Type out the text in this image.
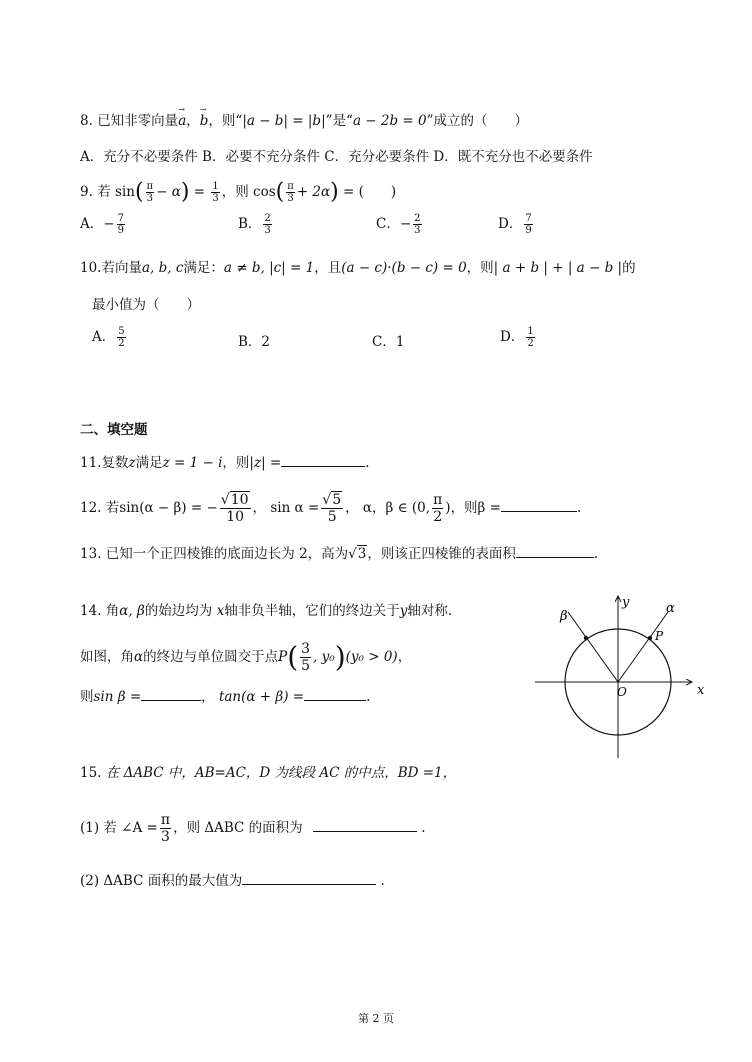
8. 已知非零向量→ a，→ b，则“|a − b| = |b|”是“a − 2b = 0”成立的（　　）
A．充分不必要条件 B．必要不充分条件 C．充分必要条件 D．既不充分也不必要条件
9. 若 $\sin( \frac{\pi}{3} - \alpha) = \frac{1}{3}$ ，则 $\cos( \frac{\pi}{3} + 2\alpha)$ = (　　)
A．− $\frac{7}{9}$	B． $\frac{2}{3}$	C．− $\frac{2}{3}$	D． $\frac{7}{9}$
10.若向量a, b, c满足：a ≠ b, |c| = 1，且(a − c)·(b − c) = 0，则| a + b | + | a − b |的
最小值为（　　）
A． $\frac{5}{2}$	B．2	C．1	D． $\frac{1}{2}$
二、填空题
11.复数z满足z = 1 − i，则|z| =	.
12. 若sin(α − β) = − $\frac{√10}{10}$ ， $\sin \alpha = \frac{√5}{5}$ ， α，β ∈ (0, $\frac{\pi}{2}$ )，则β =	.
13. 已知一个正四棱锥的底面边长为 2，高为√3，则该正四棱锥的表面积	.
14. 角α, β的始边均为 x轴非负半轴，它们的终边关于y轴对称.
如图，角α的终边与单位圆交于点$P( \frac{3}{5}$ , y₀)(y₀ > 0)，
则sin β =	， tan(α + β) =	.	x
y
O
α
β
P
15. 在 ΔABC 中，AB=AC，D 为线段 AC 的中点，BD =1，
(1) 若 ∠A = $\frac{\pi}{3}$ ，则 ΔABC 的面积为	.
(2) ΔABC 面积的最大值为	.
第 2 页
